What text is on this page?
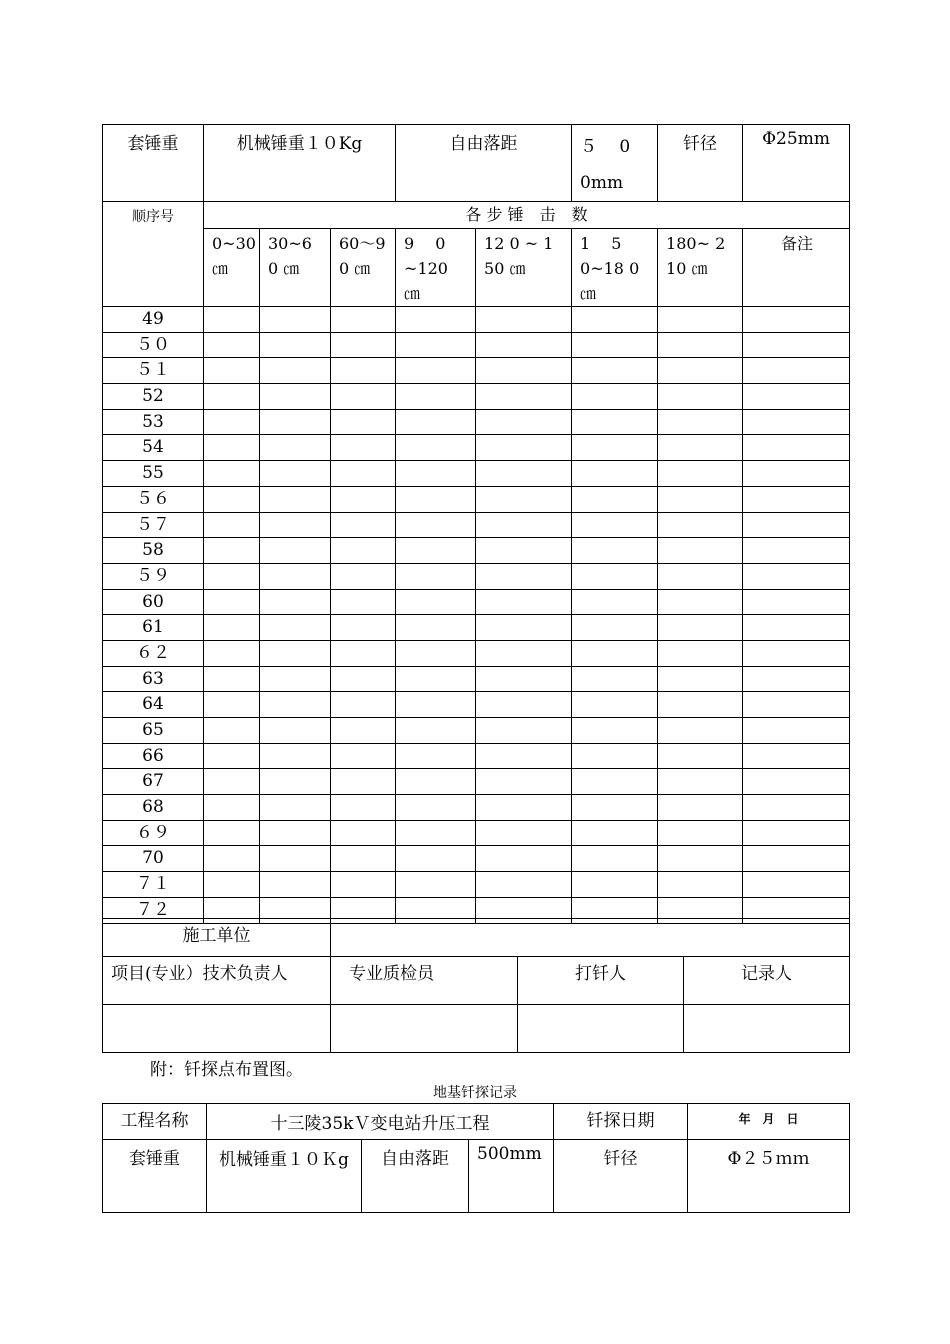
套锤重	机械锤重１０Kg			自由落距		５　 0 0mm	钎径	Φ25mm
顺序号	各 步 锤　击　数							
	0~30 ㎝	30~6 0 ㎝	60～9 0 ㎝	9　 0 ~120 ㎝	12 0 ~ 1 50 ㎝	1　 5 0~18 0 ㎝	180~ 2 10 ㎝	备注
49								
５０								
５１								
52								
53								
54								
55								
５６								
５７								
58								
５９								
60								
61								
６２								
63								
64								
65								
66								
67								
68								
６９								
70								
７１								
７２								
施工单位			
项目(专业）技术负责人	专业质检员	打钎人	记录人

附：钎探点布置图。
地基钎探记录
工程名称	十三陵35kＶ变电站升压工程			钎探日期	年　月　日
套锤重	机械锤重１０Ｋg	自由落距	500mm	钎径	Φ２５ｍｍ
